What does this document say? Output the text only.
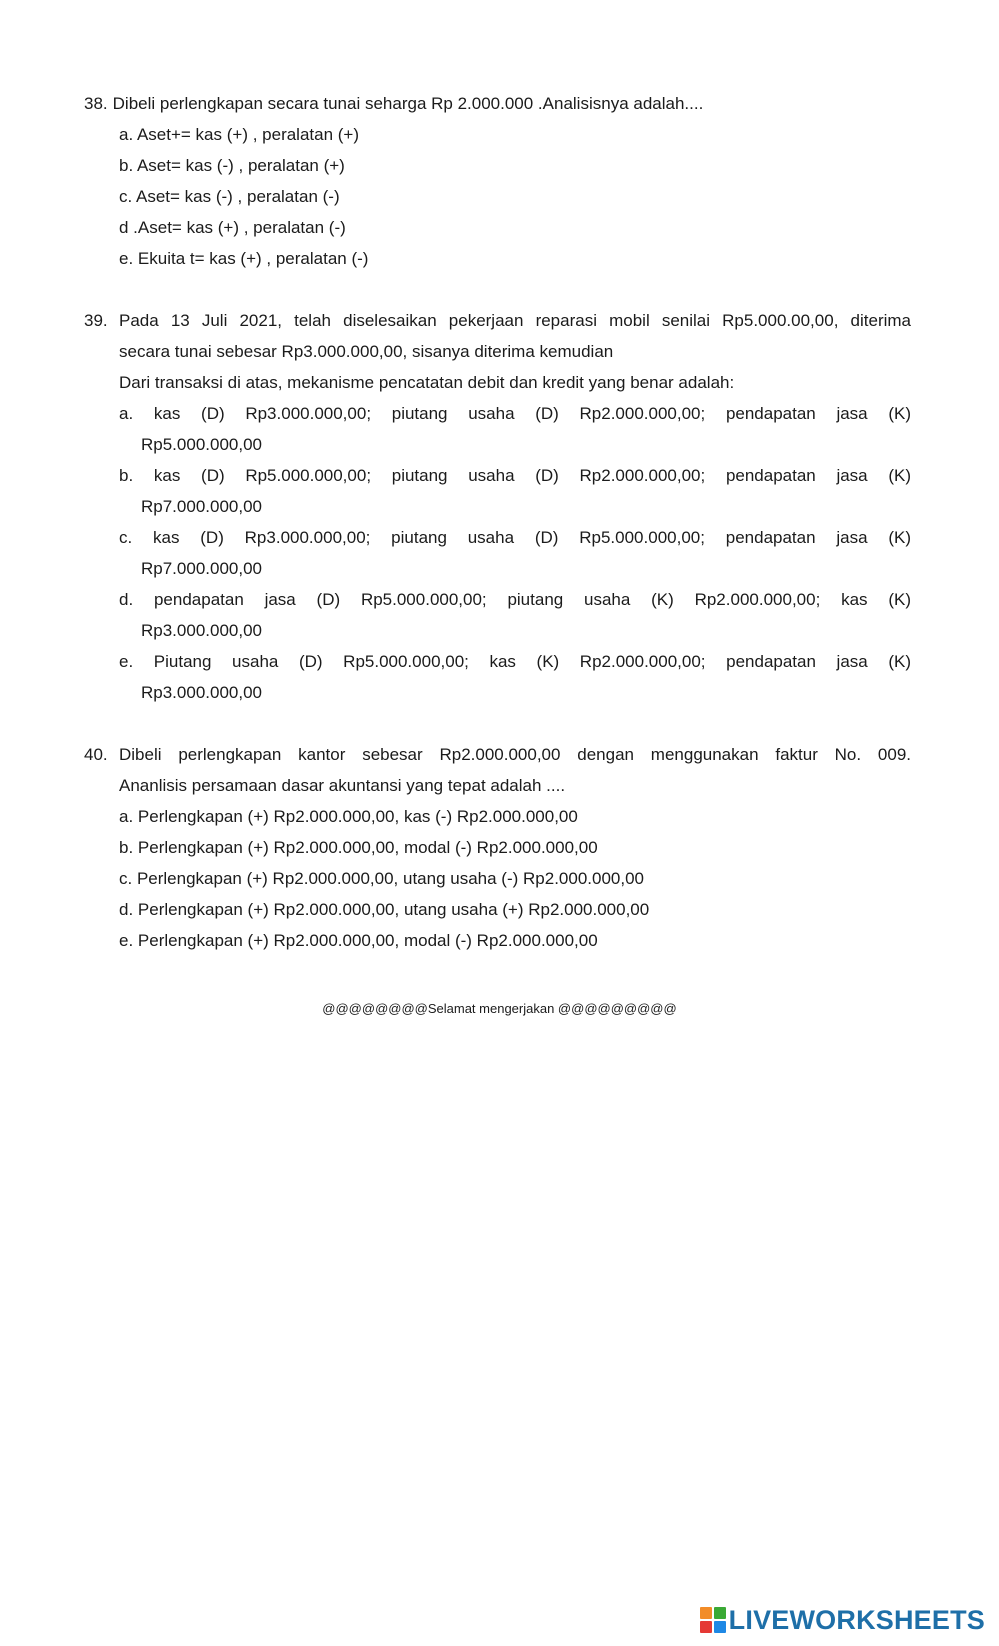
38. Dibeli perlengkapan secara tunai seharga Rp 2.000.000 .Analisisnya adalah....
a. Aset+= kas (+) , peralatan (+)
b. Aset= kas (-) , peralatan (+)
c. Aset= kas (-) , peralatan (-)
d .Aset= kas (+) , peralatan (-)
e. Ekuita t= kas (+) , peralatan (-)
39. Pada 13 Juli 2021, telah diselesaikan pekerjaan reparasi mobil senilai Rp5.000.00,00, diterima
secara tunai sebesar Rp3.000.000,00, sisanya diterima kemudian
Dari transaksi di atas, mekanisme pencatatan debit dan kredit yang benar adalah:
a. kas (D) Rp3.000.000,00; piutang usaha (D) Rp2.000.000,00; pendapatan jasa (K)
Rp5.000.000,00
b. kas (D) Rp5.000.000,00; piutang usaha (D) Rp2.000.000,00; pendapatan jasa (K)
Rp7.000.000,00
c. kas (D) Rp3.000.000,00; piutang usaha (D) Rp5.000.000,00; pendapatan jasa (K)
Rp7.000.000,00
d. pendapatan jasa (D) Rp5.000.000,00; piutang usaha (K) Rp2.000.000,00; kas (K)
Rp3.000.000,00
e. Piutang usaha (D) Rp5.000.000,00; kas (K) Rp2.000.000,00; pendapatan jasa (K)
Rp3.000.000,00
40. Dibeli perlengkapan kantor sebesar Rp2.000.000,00 dengan menggunakan faktur No. 009.
Ananlisis persamaan dasar akuntansi yang tepat adalah ....
a. Perlengkapan (+) Rp2.000.000,00, kas (-) Rp2.000.000,00
b. Perlengkapan (+) Rp2.000.000,00, modal (-) Rp2.000.000,00
c. Perlengkapan (+) Rp2.000.000,00, utang usaha (-) Rp2.000.000,00
d. Perlengkapan (+) Rp2.000.000,00, utang usaha (+) Rp2.000.000,00
e. Perlengkapan (+) Rp2.000.000,00, modal (-) Rp2.000.000,00
@@@@@@@@Selamat mengerjakan @@@@@@@@@
LIVEWORKSHEETS
